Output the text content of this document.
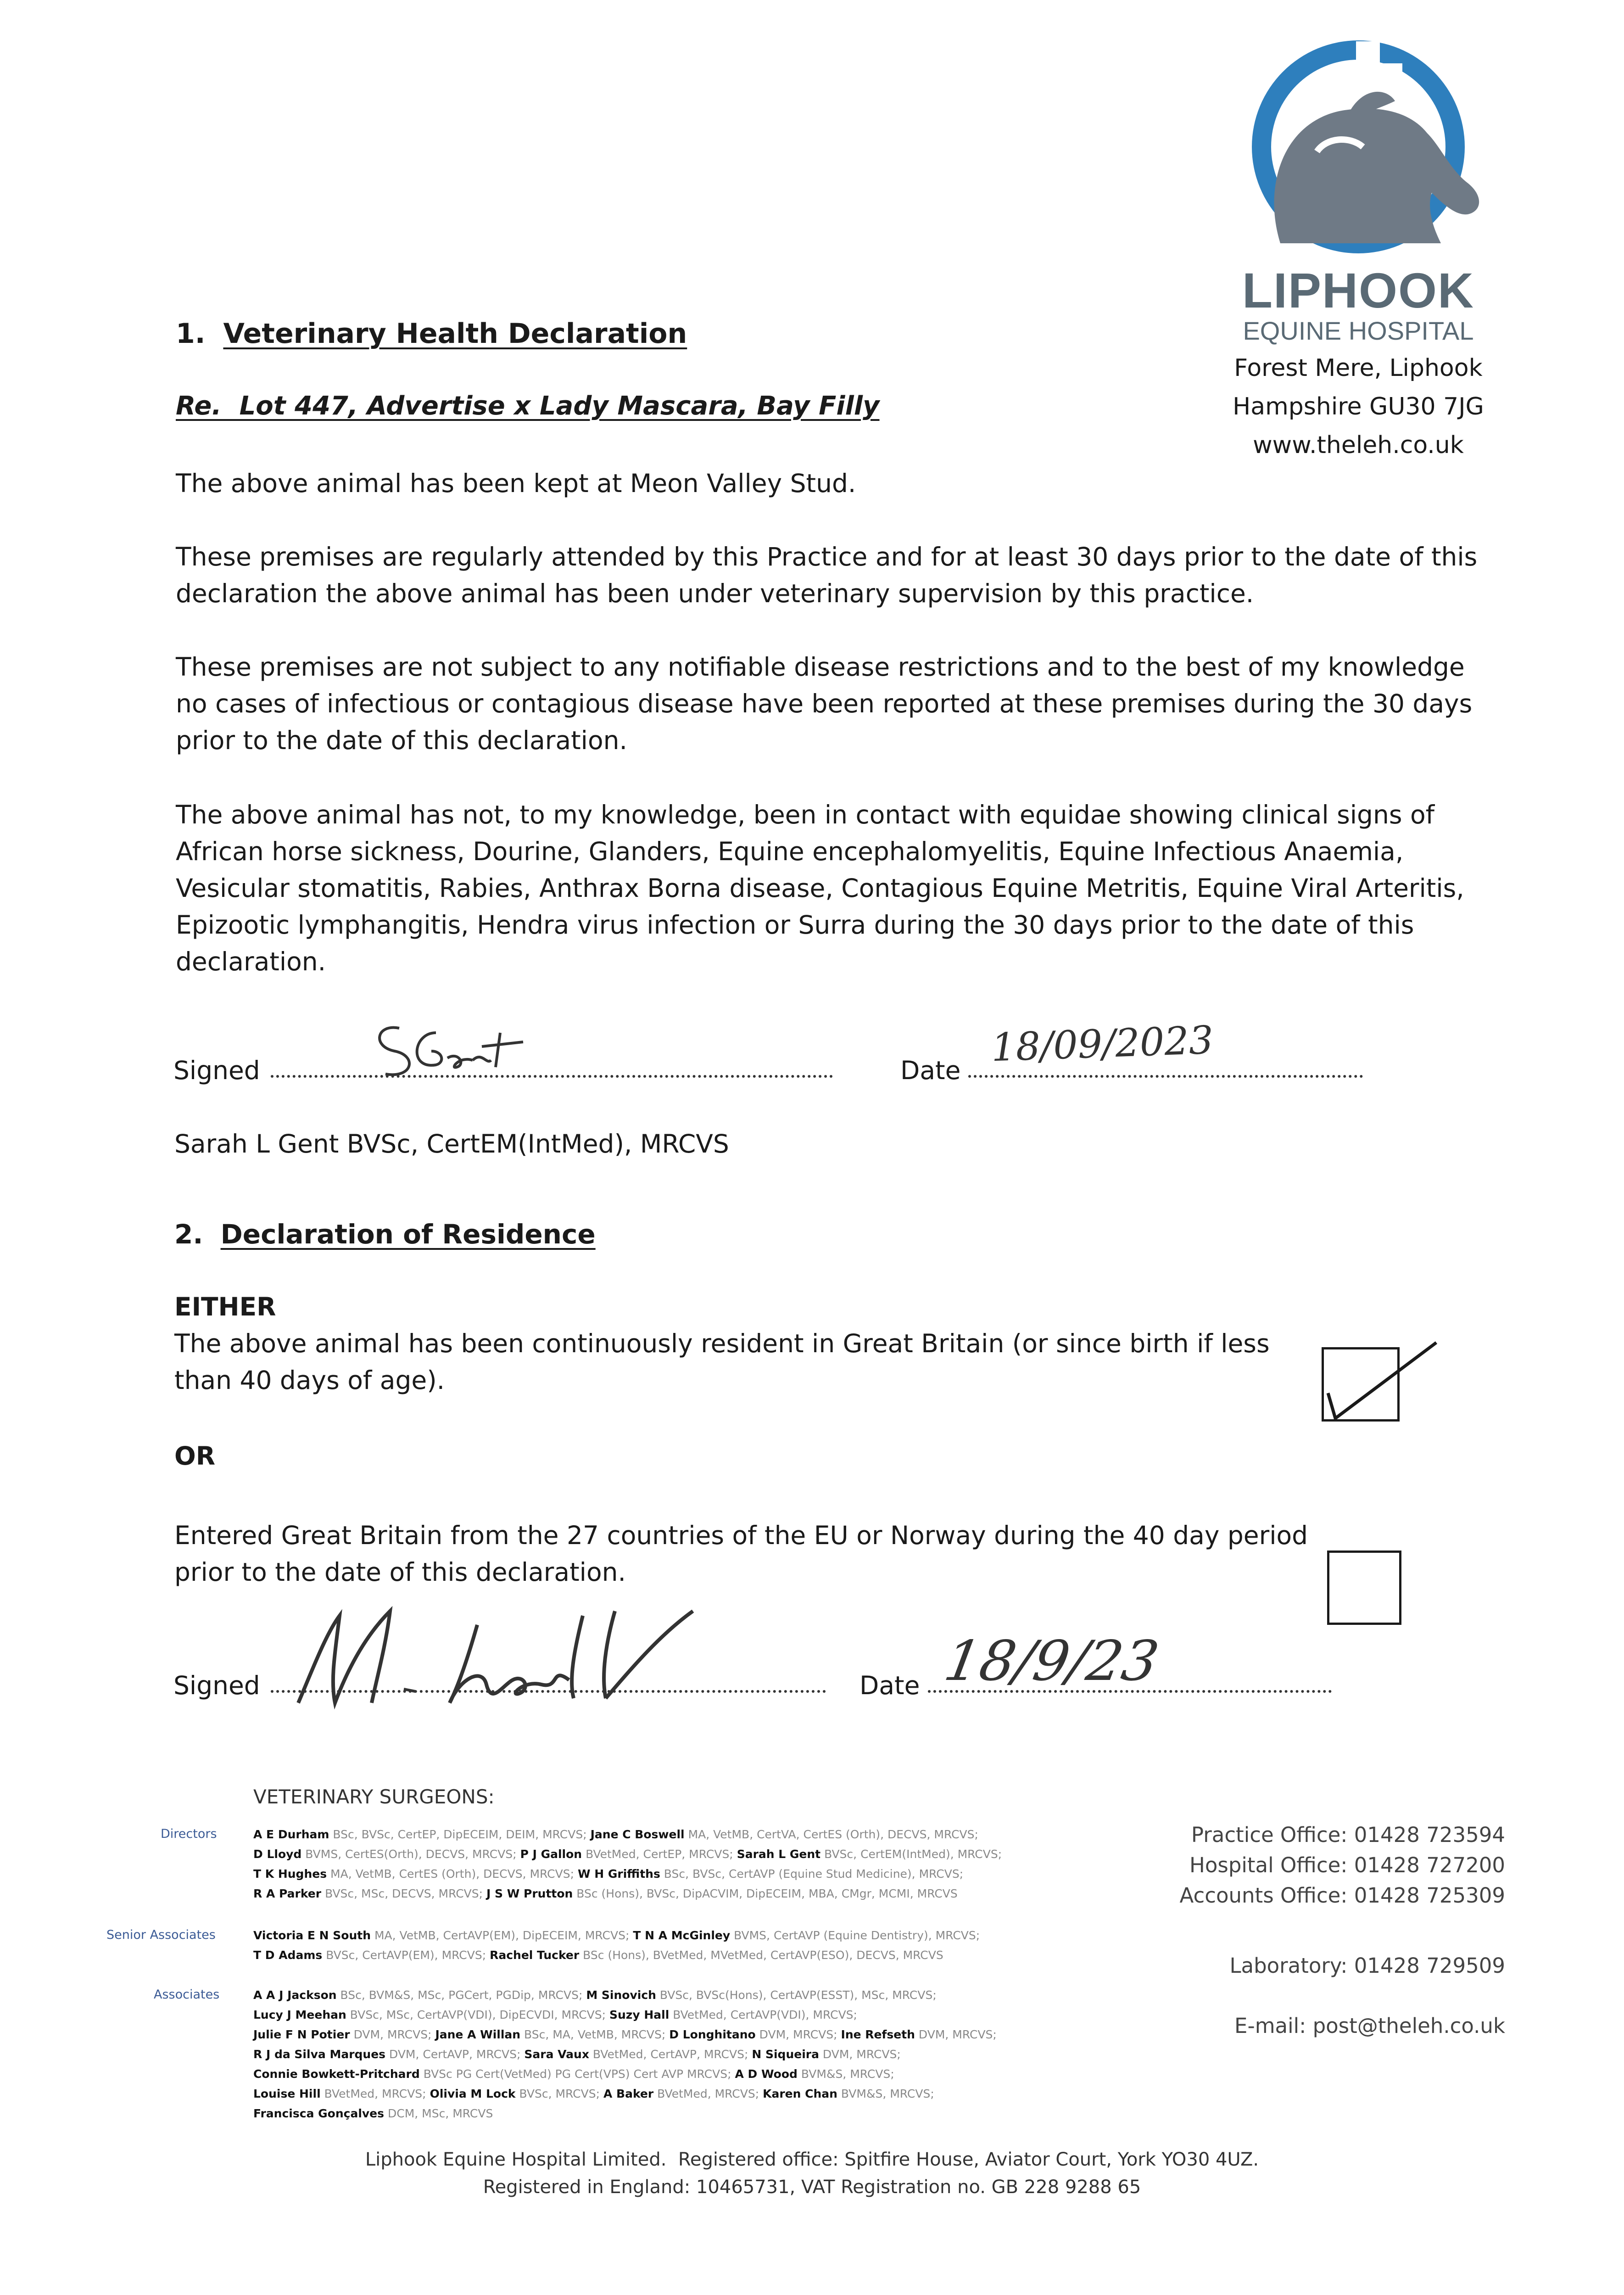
LIPHOOK
EQUINE HOSPITAL
Forest Mere, Liphook
Hampshire GU30 7JG
www.theleh.co.uk
1. Veterinary Health Declaration
Re.  Lot 447, Advertise x Lady Mascara, Bay Filly
The above animal has been kept at Meon Valley Stud.
These premises are regularly attended by this Practice and for at least 30 days prior to the date of this declaration the above animal has been under veterinary supervision by this practice.
These premises are not subject to any notifiable disease restrictions and to the best of my knowledge no cases of infectious or contagious disease have been reported at these premises during the 30 days prior to the date of this declaration.
The above animal has not, to my knowledge, been in contact with equidae showing clinical signs of African horse sickness, Dourine, Glanders, Equine encephalomyelitis, Equine Infectious Anaemia, Vesicular stomatitis, Rabies, Anthrax Borna disease, Contagious Equine Metritis, Equine Viral Arteritis, Epizootic lymphangitis, Hendra virus infection or Surra during the 30 days prior to the date of this declaration.
Signed	Date
18/09/2023
Sarah L Gent BVSc, CertEM(IntMed), MRCVS
2. Declaration of Residence
EITHER
The above animal has been continuously resident in Great Britain (or since birth if less than 40 days of age).
OR
Entered Great Britain from the 27 countries of the EU or Norway during the 40 day period prior to the date of this declaration.
Signed	Date 18/9/23
VETERINARY SURGEONS:
Directors	A E Durham BSc, BVSc, CertEP, DipECEIM, DEIM, MRCVS; Jane C Boswell MA, VetMB, CertVA, CertES (Orth), DECVS, MRCVS;
D Lloyd BVMS, CertES(Orth), DECVS, MRCVS; P J Gallon BVetMed, CertEP, MRCVS; Sarah L Gent BVSc, CertEM(IntMed), MRCVS;
T K Hughes MA, VetMB, CertES (Orth), DECVS, MRCVS; W H Griffiths BSc, BVSc, CertAVP (Equine Stud Medicine), MRCVS;
R A Parker BVSc, MSc, DECVS, MRCVS; J S W Prutton BSc (Hons), BVSc, DipACVIM, DipECEIM, MBA, CMgr, MCMI, MRCVS
Senior Associates	Victoria E N South MA, VetMB, CertAVP(EM), DipECEIM, MRCVS; T N A McGinley BVMS, CertAVP (Equine Dentistry), MRCVS;
T D Adams BVSc, CertAVP(EM), MRCVS; Rachel Tucker BSc (Hons), BVetMed, MVetMed, CertAVP(ESO), DECVS, MRCVS
Associates	A A J Jackson BSc, BVM&S, MSc, PGCert, PGDip, MRCVS; M Sinovich BVSc, BVSc(Hons), CertAVP(ESST), MSc, MRCVS;
Lucy J Meehan BVSc, MSc, CertAVP(VDI), DipECVDI, MRCVS; Suzy Hall BVetMed, CertAVP(VDI), MRCVS;
Julie F N Potier DVM, MRCVS; Jane A Willan BSc, MA, VetMB, MRCVS; D Longhitano DVM, MRCVS; Ine Refseth DVM, MRCVS;
R J da Silva Marques DVM, CertAVP, MRCVS; Sara Vaux BVetMed, CertAVP, MRCVS; N Siqueira DVM, MRCVS;
Connie Bowkett-Pritchard BVSc PG Cert(VetMed) PG Cert(VPS) Cert AVP MRCVS; A D Wood BVM&S, MRCVS;
Louise Hill BVetMed, MRCVS; Olivia M Lock BVSc, MRCVS; A Baker BVetMed, MRCVS; Karen Chan BVM&S, MRCVS;
Francisca Gonçalves DCM, MSc, MRCVS
Practice Office: 01428 723594
Hospital Office: 01428 727200
Accounts Office: 01428 725309
Laboratory: 01428 729509
E-mail: post@theleh.co.uk
Liphook Equine Hospital Limited.  Registered office: Spitfire House, Aviator Court, York YO30 4UZ.
Registered in England: 10465731, VAT Registration no. GB 228 9288 65
